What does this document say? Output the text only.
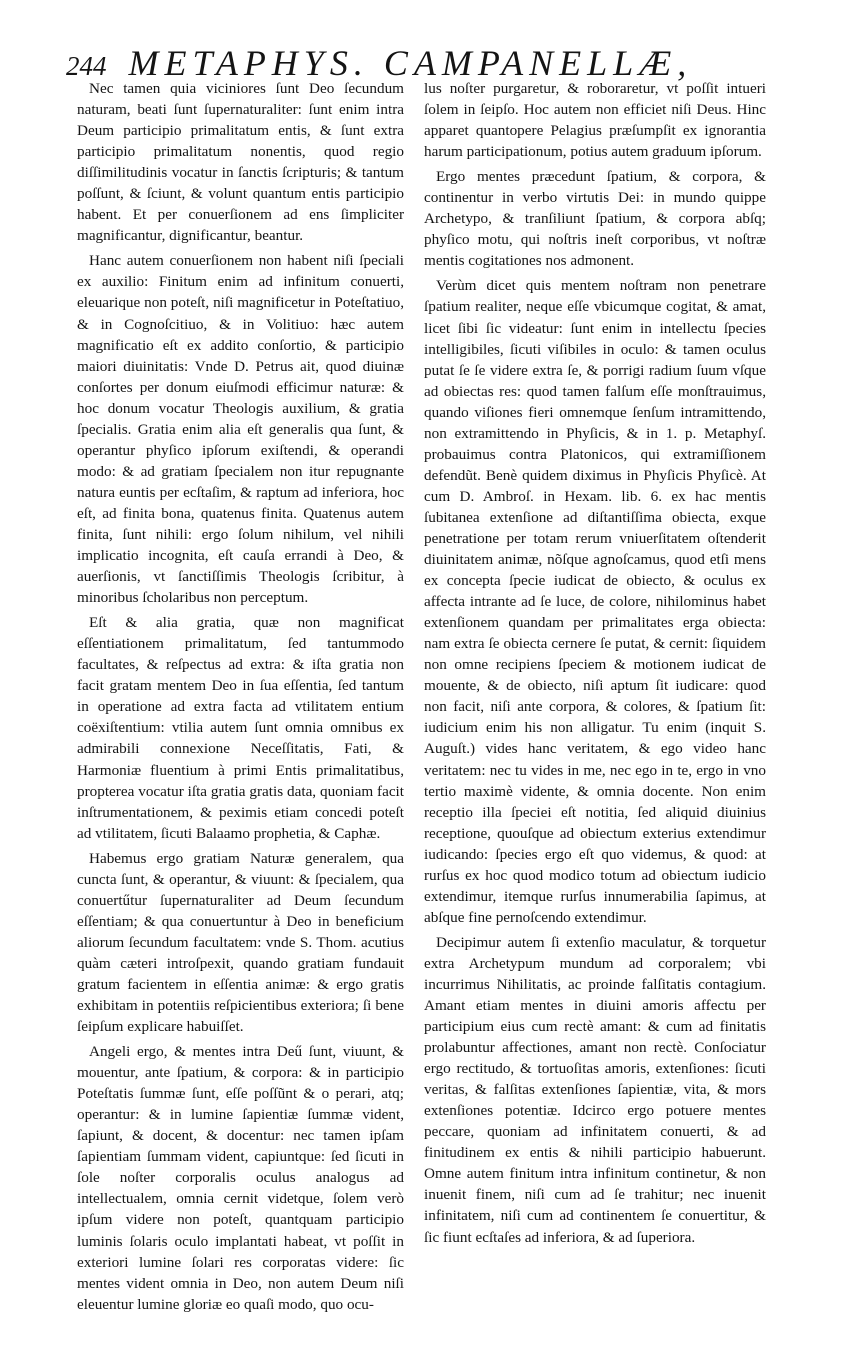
244 METAPHYS. CAMPANELLÆ,

Nec tamen quia viciniores ſunt Deo ſecundum naturam, beati ſunt ſupernaturaliter: ſunt enim intra Deum participio primalitatum entis, & ſunt extra participio primalitatum nonentis, quod regio diſſimilitudinis vocatur in ſanctis ſcripturis; & tantum poſſunt, & ſciunt, & volunt quantum entis participio habent. Et per conuerſionem ad ens ſimpliciter magnificantur, dignificantur, beantur.

Hanc autem conuerſionem non habent niſi ſpeciali ex auxilio: Finitum enim ad infinitum conuerti, eleuarique non poteſt, niſi magnificetur in Poteſtatiuo, & in Cognoſcitiuo, & in Volitiuo: hæc autem magnificatio eſt ex addito conſortio, & participio maiori diuinitatis: Vnde D. Petrus ait, quod diuinæ conſortes per donum eiuſmodi efficimur naturæ: & hoc donum vocatur Theologis auxilium, & gratia ſpecialis. Gratia enim alia eſt generalis qua ſunt, & operantur phyſico ipſorum exiſtendi, & operandi modo: & ad gratiam ſpecialem non itur repugnante natura euntis per ecſtaſim, & raptum ad inferiora, hoc eſt, ad finita bona, quatenus finita. Quatenus autem finita, ſunt nihili: ergo ſolum nihilum, vel nihili implicatio incognita, eſt cauſa errandi à Deo, & auerſionis, vt ſanctiſſimis Theologis ſcribitur, à minoribus ſcholaribus non perceptum.

Eſt & alia gratia, quæ non magnificat eſſentiationem primalitatum, ſed tantummodo facultates, & reſpectus ad extra: & iſta gratia non facit gratam mentem Deo in ſua eſſentia, ſed tantum in operatione ad extra facta ad vtilitatem entium coëxiſtentium: vtilia autem ſunt omnia omnibus ex admirabili connexione Neceſſitatis, Fati, & Harmoniæ fluentium à primi Entis primalitatibus, propterea vocatur iſta gratia gratis data, quoniam facit inſtrumentationem, & peximis etiam concedi poteſt ad vtilitatem, ſicuti Balaamo prophetia, & Caphæ.

Habemus ergo gratiam Naturæ generalem, qua cuncta ſunt, & operantur, & viuunt: & ſpecialem, qua conuertűtur ſupernaturaliter ad Deum ſecundum eſſentiam; & qua conuertuntur à Deo in beneficium aliorum ſecundum facultatem: vnde S. Thom. acutius quàm cæteri introſpexit, quando gratiam fundauit gratum facientem in eſſentia animæ: & ergo gratis exhibitam in potentiis reſpicientibus exteriora; ſi bene ſeipſum explicare habuiſſet.

Angeli ergo, & mentes intra Deű ſunt, viuunt, & mouentur, ante ſpatium, & corpora: & in participio Poteſtatis ſummæ ſunt, eſſe poſſũnt & o perari, atq; operantur: & in lumine ſapientiæ ſummæ vident, ſapiunt, & docent, & docentur: nec tamen ipſam ſapientiam ſummam vident, capiuntque: ſed ſicuti in ſole noſter corporalis oculus analogus ad intellectualem, omnia cernit videtque, ſolem verò ipſum videre non poteſt, quantquam participio luminis ſolaris oculo implantati habeat, vt poſſit in exteriori lumine ſolari res corporatas videre: ſic mentes vident omnia in Deo, non autem Deum niſi eleuentur lumine gloriæ eo quaſi modo, quo ocu-

lus noſter purgaretur, & roboraretur, vt poſſit intueri ſolem in ſeipſo. Hoc autem non efficiet niſi Deus. Hinc apparet quantopere Pelagius præſumpſit ex ignorantia harum participationum, potius autem graduum ipſorum.

Ergo mentes præcedunt ſpatium, & corpora, & continentur in verbo virtutis Dei: in mundo quippe Archetypo, & tranſiliunt ſpatium, & corpora abſq; phyſico motu, qui noſtris ineſt corporibus, vt noſtræ mentis cogitationes nos admonent.

Verùm dicet quis mentem noſtram non penetrare ſpatium realiter, neque eſſe vbicumque cogitat, & amat, licet ſibi ſic videatur: ſunt enim in intellectu ſpecies intelligibiles, ſicuti viſibiles in oculo: & tamen oculus putat ſe ſe videre extra ſe, & porrigi radium ſuum vſque ad obiectas res: quod tamen falſum eſſe monſtrauimus, quando viſiones fieri omnemque ſenſum intramittendo, non extramittendo in Phyſicis, & in 1. p. Metaphyſ. probauimus contra Platonicos, qui extramiſſionem defendũt. Benè quidem diximus in Phyſicis Phyſicè. At cum D. Ambroſ. in Hexam. lib. 6. ex hac mentis ſubitanea extenſione ad diſtantiſſima obiecta, exque penetratione per totam rerum vniuerſitatem oſtenderit diuinitatem animæ, nõſque agnoſcamus, quod etſi mens ex concepta ſpecie iudicat de obiecto, & oculus ex affecta intrante ad ſe luce, de colore, nihilominus habet extenſionem quandam per primalitates erga obiecta: nam extra ſe obiecta cernere ſe putat, & cernit: ſiquidem non omne recipiens ſpeciem & motionem iudicat de mouente, & de obiecto, niſi aptum ſit iudicare: quod non facit, niſi ante corpora, & colores, & ſpatium ſit: iudicium enim his non alligatur. Tu enim (inquit S. Auguſt.) vides hanc veritatem, & ego video hanc veritatem: nec tu vides in me, nec ego in te, ergo in vno tertio maximè vidente, & omnia docente. Non enim receptio illa ſpeciei eſt notitia, ſed aliquid diuinius receptione, quouſque ad obiectum exterius extendimur iudicando: ſpecies ergo eſt quo videmus, & quod: at rurſus ex hoc quod modico totum ad obiectum iudicio extendimur, itemque rurſus innumerabilia ſapimus, at abſque fine pernoſcendo extendimur.

Decipimur autem ſi extenſio maculatur, & torquetur extra Archetypum mundum ad corporalem; vbi incurrimus Nihilitatis, ac proinde falſitatis contagium. Amant etiam mentes in diuini amoris affectu per participium eius cum rectè amant: & cum ad finitatis prolabuntur affectiones, amant non rectè. Conſociatur ergo rectitudo, & tortuoſitas amoris, extenſiones: ſicuti veritas, & falſitas extenſiones ſapientiæ, vita, & mors extenſiones potentiæ. Idcirco ergo potuere mentes peccare, quoniam ad infinitatem conuerti, & ad finitudinem ex entis & nihili participio habuerunt. Omne autem finitum intra infinitum continetur, & non inuenit finem, niſi cum ad ſe trahitur; nec inuenit infinitatem, niſi cum ad continentem ſe conuertitur, & ſic fiunt ecſtaſes ad inferiora, & ad ſuperiora.
